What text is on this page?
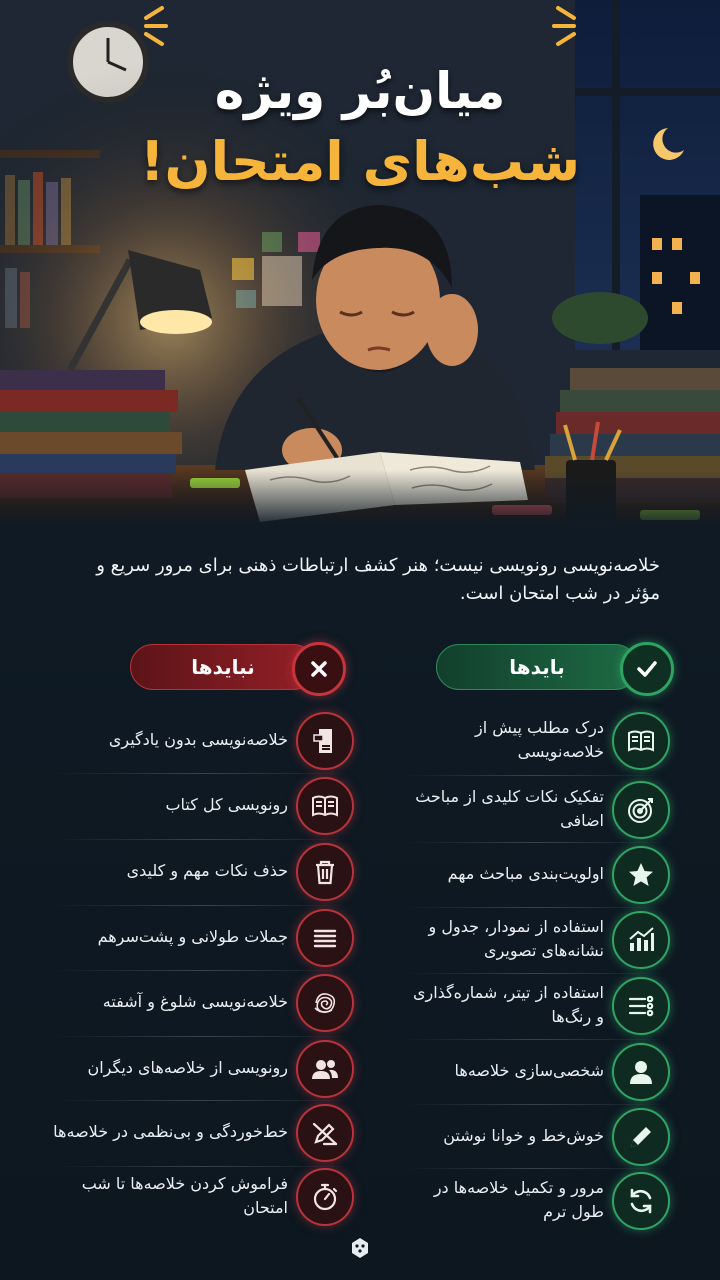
میان‌بُر ویژه
شب‌های امتحان!
خلاصه‌نویسی رونویسی نیست؛ هنر کشف ارتباطات ذهنی برای مرور سریع و مؤثر در شب امتحان است.
بایدها
نبایدها
درک مطلب پیش از خلاصه‌نویسی
تفکیک نکات کلیدی از مباحث اضافی
اولویت‌بندی مباحث مهم
استفاده از نمودار، جدول و نشانه‌های تصویری
استفاده از تیتر، شماره‌گذاری و رنگ‌ها
شخصی‌سازی خلاصه‌ها
خوش‌خط و خوانا نوشتن
مرور و تکمیل خلاصه‌ها در طول ترم
خلاصه‌نویسی بدون یادگیری
رونویسی کل کتاب
حذف نکات مهم و کلیدی
جملات طولانی و پشت‌سرهم
خلاصه‌نویسی شلوغ و آشفته
رونویسی از خلاصه‌های دیگران
خط‌خوردگی و بی‌نظمی در خلاصه‌ها
فراموش کردن خلاصه‌ها تا شب امتحان
